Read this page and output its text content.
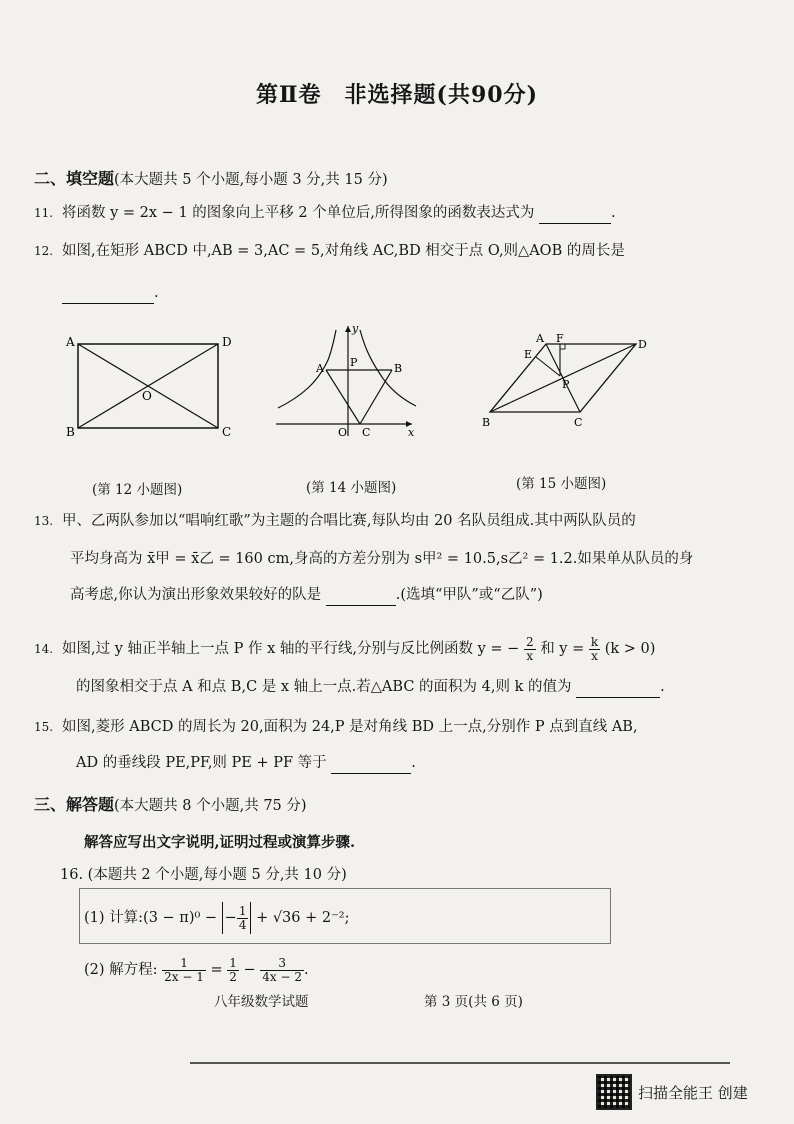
第Ⅱ卷　非选择题(共90分)
二、填空题(本大题共 5 个小题,每小题 3 分,共 15 分)
11. 将函数 y = 2x − 1 的图象向上平移 2 个单位后,所得图象的函数表达式为	.
12. 如图,在矩形 ABCD 中,AB = 3,AC = 5,对角线 AC,BD 相交于点 O,则△AOB 的周长是
.
A	D
B	C
O
(第 12 小题图)
y
x
O
A	B
C
P
(第 14 小题图)
A F	D
E
P
B	C
(第 15 小题图)
13. 甲、乙两队参加以“唱响红歌”为主题的合唱比赛,每队均由 20 名队员组成.其中两队队员的
平均身高为 x̄甲 = x̄乙 = 160 cm,身高的方差分别为 s甲² = 10.5,s乙² = 1.2.如果单从队员的身
高考虑,你认为演出形象效果较好的队是	.(选填“甲队”或“乙队”)
14. 如图,过 y 轴正半轴上一点 P 作 x 轴的平行线,分别与反比例函数 y = − $\frac{2}{x}$ 和 $y = \frac{k}{x} (k > 0)$
的图象相交于点 A 和点 B,C 是 x 轴上一点.若△ABC 的面积为 4,则 k 的值为	.
15. 如图,菱形 ABCD 的周长为 20,面积为 24,P 是对角线 BD 上一点,分别作 P 点到直线 AB,
AD 的垂线段 PE,PF,则 PE + PF 等于	.
三、解答题(本大题共 8 个小题,共 75 分)
解答应写出文字说明,证明过程或演算步骤.
16. (本题共 2 个小题,每小题 5 分,共 10 分)
(1) 计算:(3 − π)⁰ − − $\frac{1}{4} + √36 + 2^{-2}$;
(2) 解方程: $\frac{1}{2x - 1} = \frac{1}{2} - \frac{3}{4x - 2}$ .
八年级数学试题	第 3 页(共 6 页)
扫描全能王 创建
